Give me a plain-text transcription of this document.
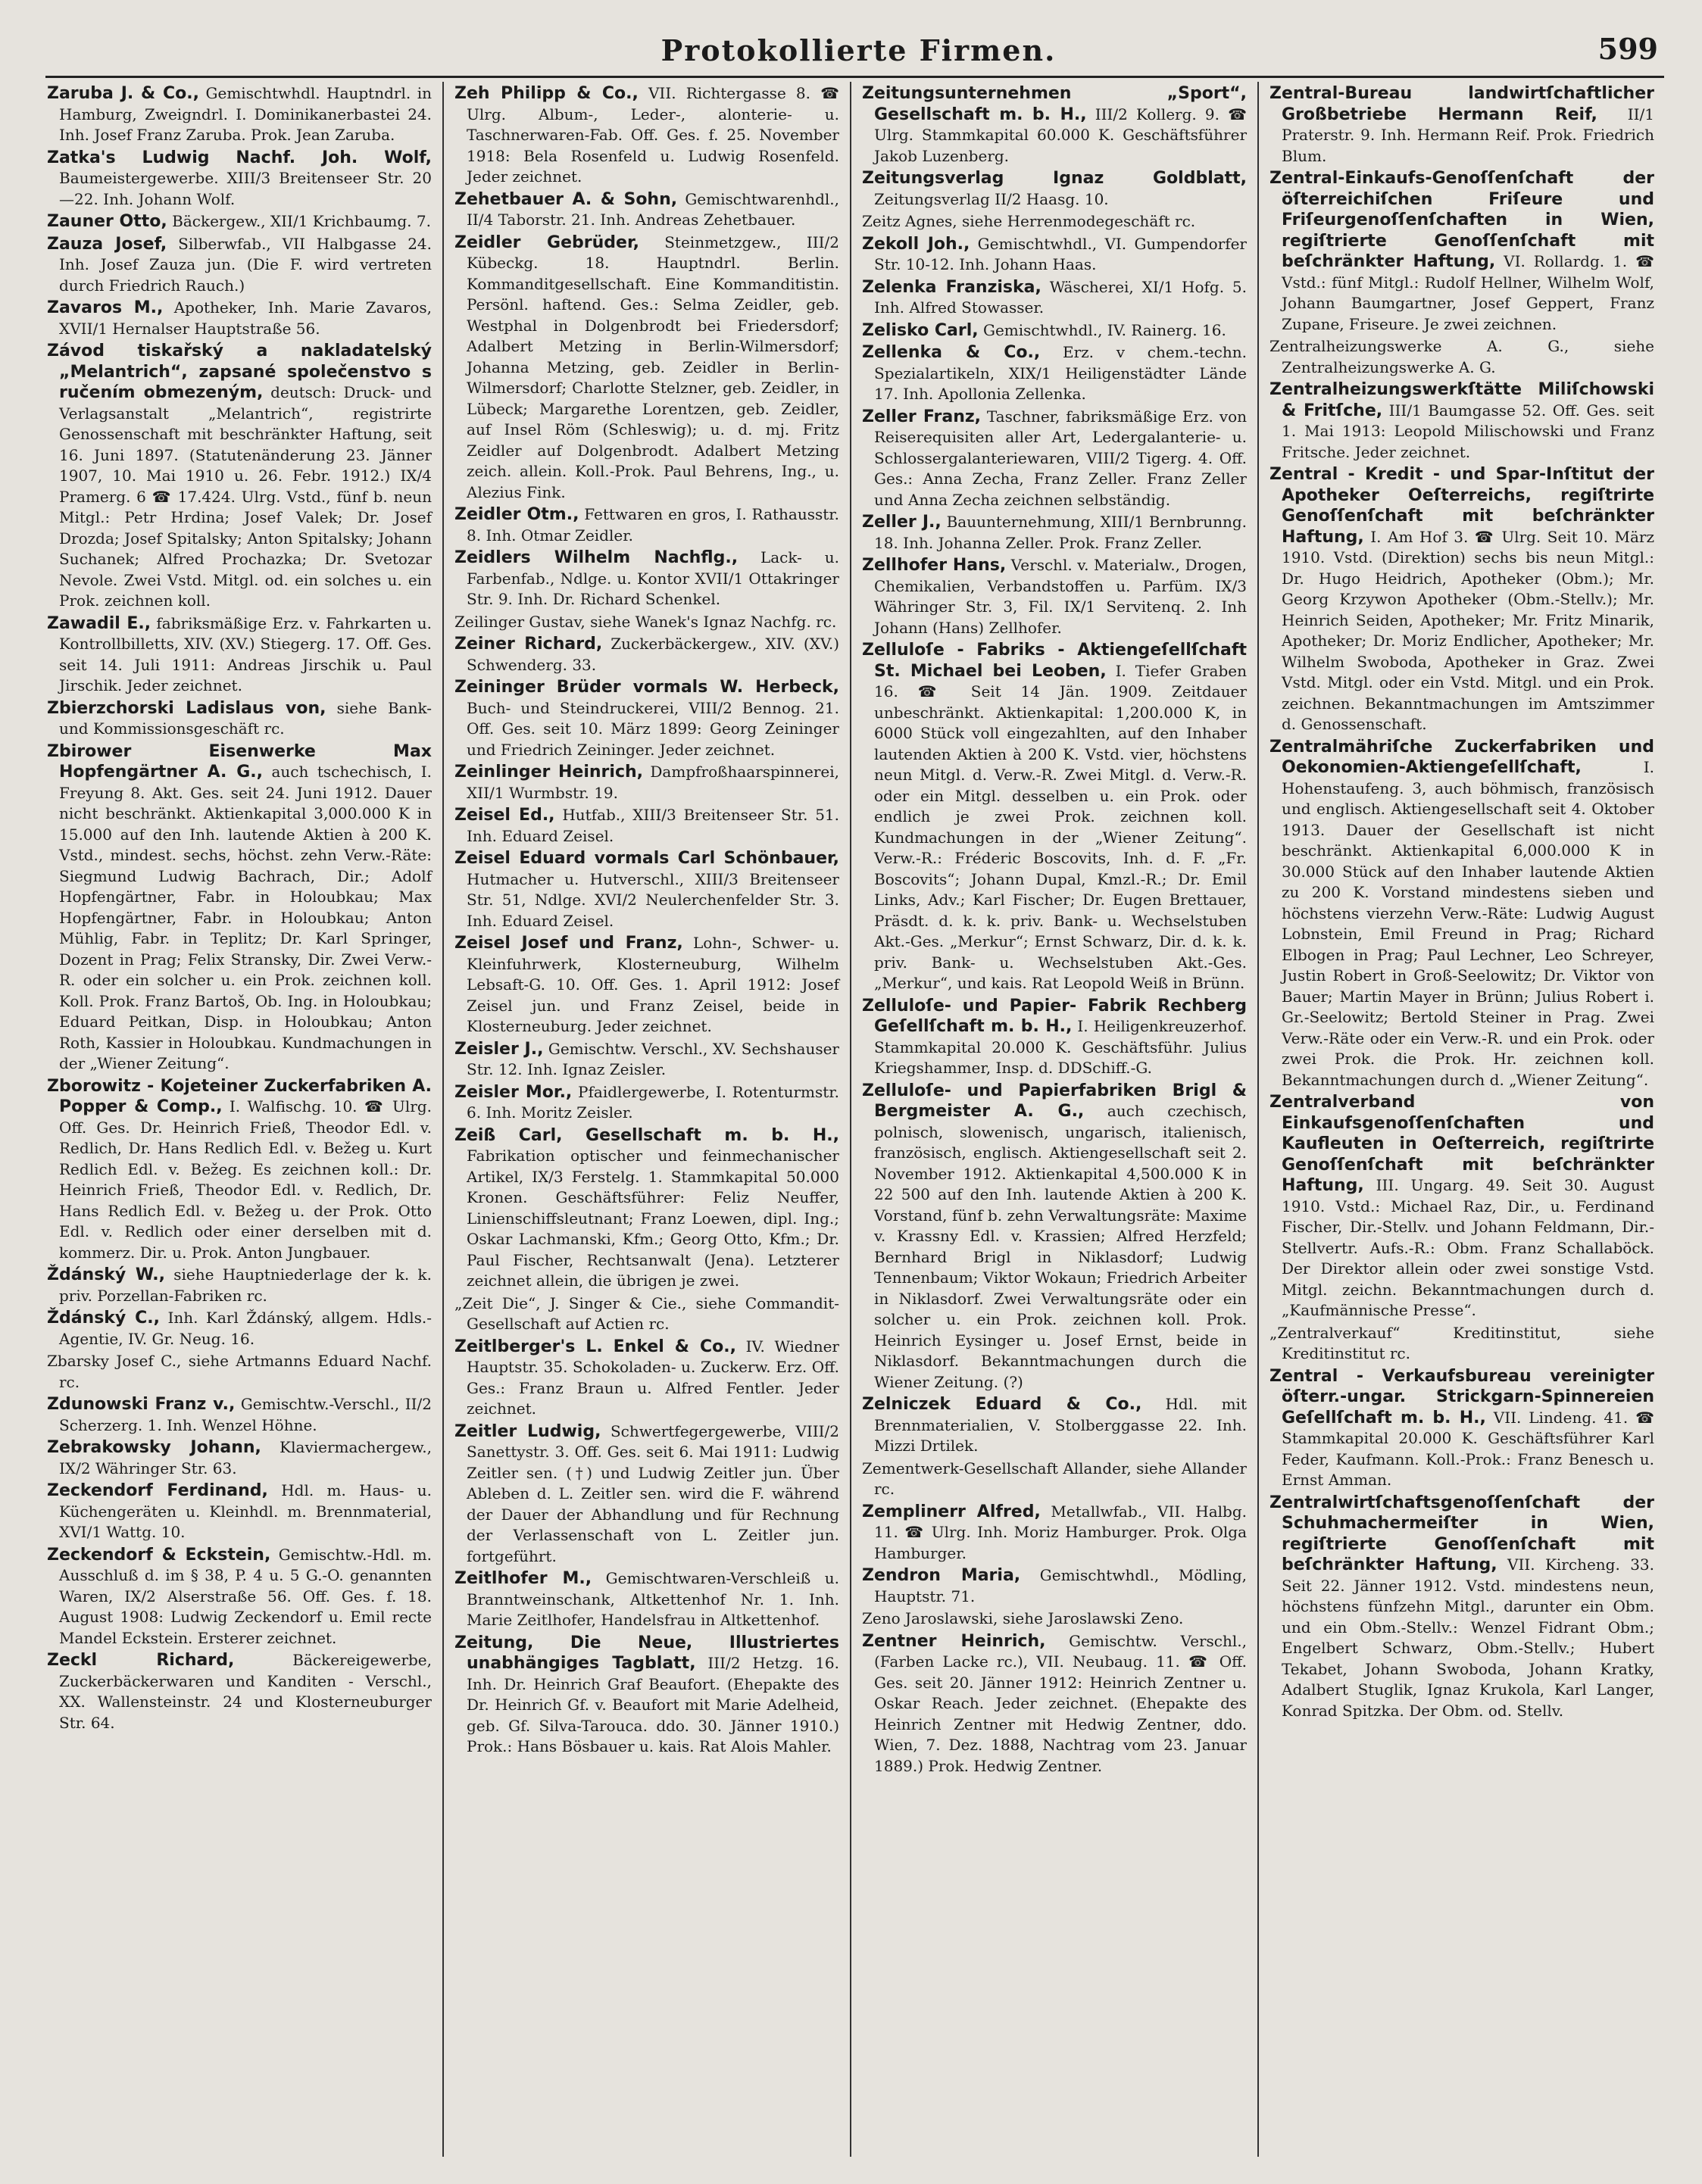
Protokollierte Firmen.	599

Zaruba J. & Co., Gemischtwhdl. Hauptndrl. in Hamburg, Zweigndrl. I. Dominikanerbastei 24. Inh. Josef Franz Zaruba. Prok. Jean Zaruba.

Zatka's Ludwig Nachf. Joh. Wolf, Baumeistergewerbe. XIII/3 Breitenseer Str. 20—22. Inh. Johann Wolf.

Zauner Otto, Bäckergew., XII/1 Krichbaumg. 7.

Zauza Josef, Silberwfab., VII Halbgasse 24. Inh. Josef Zauza jun. (Die F. wird vertreten durch Friedrich Rauch.)

Zavaros M., Apotheker, Inh. Marie Zavaros, XVII/1 Hernalser Hauptstraße 56.

Závod tiskařský a nakladatelský „Melantrich“, zapsané společenstvo s ručením obmezeným, deutsch: Druck- und Verlagsanstalt „Melantrich“, registrirte Genossenschaft mit beschränkter Haftung, seit 16. Juni 1897. (Statutenänderung 23. Jänner 1907, 10. Mai 1910 u. 26. Febr. 1912.) IX/4 Pramerg. 6 ☎ 17.424. Ulrg. Vstd., fünf b. neun Mitgl.: Petr Hrdina; Josef Valek; Dr. Josef Drozda; Josef Spitalsky; Anton Spitalsky; Johann Suchanek; Alfred Prochazka; Dr. Svetozar Nevole. Zwei Vstd. Mitgl. od. ein solches u. ein Prok. zeichnen koll.

Zawadil E., fabriksmäßige Erz. v. Fahrkarten u. Kontrollbilletts, XIV. (XV.) Stiegerg. 17. Off. Ges. seit 14. Juli 1911: Andreas Jirschik u. Paul Jirschik. Jeder zeichnet.

Zbierzchorski Ladislaus von, siehe Bank- und Kommissionsgeschäft rc.

Zbirower Eisenwerke Max Hopfengärtner A. G., auch tschechisch, I. Freyung 8. Akt. Ges. seit 24. Juni 1912. Dauer nicht beschränkt. Aktienkapital 3,000.000 K in 15.000 auf den Inh. lautende Aktien à 200 K. Vstd., mindest. sechs, höchst. zehn Verw.-Räte: Siegmund Ludwig Bachrach, Dir.; Adolf Hopfengärtner, Fabr. in Holoubkau; Max Hopfengärtner, Fabr. in Holoubkau; Anton Mühlig, Fabr. in Teplitz; Dr. Karl Springer, Dozent in Prag; Felix Stransky, Dir. Zwei Verw.-R. oder ein solcher u. ein Prok. zeichnen koll. Koll. Prok. Franz Bartoš, Ob. Ing. in Holoubkau; Eduard Peitkan, Disp. in Holoubkau; Anton Roth, Kassier in Holoubkau. Kundmachungen in der „Wiener Zeitung“.

Zborowitz - Kojeteiner Zuckerfabriken A. Popper & Comp., I. Walfischg. 10. ☎ Ulrg. Off. Ges. Dr. Heinrich Frieß, Theodor Edl. v. Redlich, Dr. Hans Redlich Edl. v. Bežeg u. Kurt Redlich Edl. v. Bežeg. Es zeichnen koll.: Dr. Heinrich Frieß, Theodor Edl. v. Redlich, Dr. Hans Redlich Edl. v. Bežeg u. der Prok. Otto Edl. v. Redlich oder einer derselben mit d. kommerz. Dir. u. Prok. Anton Jungbauer.

Ždánský W., siehe Hauptniederlage der k. k. priv. Porzellan-Fabriken rc.

Ždánský C., Inh. Karl Ždánský, allgem. Hdls.-Agentie, IV. Gr. Neug. 16.

Zbarsky Josef C., siehe Artmanns Eduard Nachf. rc.

Zdunowski Franz v., Gemischtw.-Verschl., II/2 Scherzerg. 1. Inh. Wenzel Höhne.

Zebrakowsky Johann, Klaviermachergew., IX/2 Währinger Str. 63.

Zeckendorf Ferdinand, Hdl. m. Haus- u. Küchengeräten u. Kleinhdl. m. Brennmaterial, XVI/1 Wattg. 10.

Zeckendorf & Eckstein, Gemischtw.-Hdl. m. Ausschluß d. im § 38, P. 4 u. 5 G.-O. genannten Waren, IX/2 Alserstraße 56. Off. Ges. f. 18. August 1908: Ludwig Zeckendorf u. Emil recte Mandel Eckstein. Ersterer zeichnet.

Zeckl Richard, Bäckereigewerbe, Zuckerbäckerwaren und Kanditen - Verschl., XX. Wallensteinstr. 24 und Klosterneuburger Str. 64.

Zeh Philipp & Co., VII. Richtergasse 8. ☎ Ulrg. Album-, Leder-, alonterie- u. Taschnerwaren-Fab. Off. Ges. f. 25. November 1918: Bela Rosenfeld u. Ludwig Rosenfeld. Jeder zeichnet.

Zehetbauer A. & Sohn, Gemischtwarenhdl., II/4 Taborstr. 21. Inh. Andreas Zehetbauer.

Zeidler Gebrüder, Steinmetzgew., III/2 Kübeckg. 18. Hauptndrl. Berlin. Kommanditgesellschaft. Eine Kommanditistin. Persönl. haftend. Ges.: Selma Zeidler, geb. Westphal in Dolgenbrodt bei Friedersdorf; Adalbert Metzing in Berlin-Wilmersdorf; Johanna Metzing, geb. Zeidler in Berlin-Wilmersdorf; Charlotte Stelzner, geb. Zeidler, in Lübeck; Margarethe Lorentzen, geb. Zeidler, auf Insel Röm (Schleswig); u. d. mj. Fritz Zeidler auf Dolgenbrodt. Adalbert Metzing zeich. allein. Koll.-Prok. Paul Behrens, Ing., u. Alezius Fink.

Zeidler Otm., Fettwaren en gros, I. Rathausstr. 8. Inh. Otmar Zeidler.

Zeidlers Wilhelm Nachflg., Lack- u. Farbenfab., Ndlge. u. Kontor XVII/1 Ottakringer Str. 9. Inh. Dr. Richard Schenkel.

Zeilinger Gustav, siehe Wanek's Ignaz Nachfg. rc.

Zeiner Richard, Zuckerbäckergew., XIV. (XV.) Schwenderg. 33.

Zeininger Brüder vormals W. Herbeck, Buch- und Steindruckerei, VIII/2 Bennog. 21. Off. Ges. seit 10. März 1899: Georg Zeininger und Friedrich Zeininger. Jeder zeichnet.

Zeinlinger Heinrich, Dampfroßhaarspinnerei, XII/1 Wurmbstr. 19.

Zeisel Ed., Hutfab., XIII/3 Breitenseer Str. 51. Inh. Eduard Zeisel.

Zeisel Eduard vormals Carl Schönbauer, Hutmacher u. Hutverschl., XIII/3 Breitenseer Str. 51, Ndlge. XVI/2 Neulerchenfelder Str. 3. Inh. Eduard Zeisel.

Zeisel Josef und Franz, Lohn-, Schwer- u. Kleinfuhrwerk, Klosterneuburg, Wilhelm Lebsaft-G. 10. Off. Ges. 1. April 1912: Josef Zeisel jun. und Franz Zeisel, beide in Klosterneuburg. Jeder zeichnet.

Zeisler J., Gemischtw. Verschl., XV. Sechshauser Str. 12. Inh. Ignaz Zeisler.

Zeisler Mor., Pfaidlergewerbe, I. Rotenturmstr. 6. Inh. Moritz Zeisler.

Zeiß Carl, Gesellschaft m. b. H., Fabrikation optischer und feinmechanischer Artikel, IX/3 Ferstelg. 1. Stammkapital 50.000 Kronen. Geschäftsführer: Feliz Neuffer, Linienschiffsleutnant; Franz Loewen, dipl. Ing.; Oskar Lachmanski, Kfm.; Georg Otto, Kfm.; Dr. Paul Fischer, Rechtsanwalt (Jena). Letzterer zeichnet allein, die übrigen je zwei.

„Zeit Die“, J. Singer & Cie., siehe Commandit-Gesellschaft auf Actien rc.

Zeitlberger's L. Enkel & Co., IV. Wiedner Hauptstr. 35. Schokoladen- u. Zuckerw. Erz. Off. Ges.: Franz Braun u. Alfred Fentler. Jeder zeichnet.

Zeitler Ludwig, Schwertfegergewerbe, VIII/2 Sanettystr. 3. Off. Ges. seit 6. Mai 1911: Ludwig Zeitler sen. (†) und Ludwig Zeitler jun. Über Ableben d. L. Zeitler sen. wird die F. während der Dauer der Abhandlung und für Rechnung der Verlassenschaft von L. Zeitler jun. fortgeführt.

Zeitlhofer M., Gemischtwaren-Verschleiß u. Branntweinschank, Altkettenhof Nr. 1. Inh. Marie Zeitlhofer, Handelsfrau in Altkettenhof.

Zeitung, Die Neue, Illustriertes unabhängiges Tagblatt, III/2 Hetzg. 16. Inh. Dr. Heinrich Graf Beaufort. (Ehepakte des Dr. Heinrich Gf. v. Beaufort mit Marie Adelheid, geb. Gf. Silva-Tarouca. ddo. 30. Jänner 1910.) Prok.: Hans Bösbauer u. kais. Rat Alois Mahler.

Zeitungsunternehmen „Sport“, Gesellschaft m. b. H., III/2 Kollerg. 9. ☎ Ulrg. Stammkapital 60.000 K. Geschäftsführer Jakob Luzenberg.

Zeitungsverlag Ignaz Goldblatt, Zeitungsverlag II/2 Haasg. 10.

Zeitz Agnes, siehe Herrenmodegeschäft rc.

Zekoll Joh., Gemischtwhdl., VI. Gumpendorfer Str. 10-12. Inh. Johann Haas.

Zelenka Franziska, Wäscherei, XI/1 Hofg. 5. Inh. Alfred Stowasser.

Zelisko Carl, Gemischtwhdl., IV. Rainerg. 16.

Zellenka & Co., Erz. v chem.-techn. Spezialartikeln, XIX/1 Heiligenstädter Lände 17. Inh. Apollonia Zellenka.

Zeller Franz, Taschner, fabriksmäßige Erz. von Reiserequisiten aller Art, Ledergalanterie- u. Schlossergalanteriewaren, VIII/2 Tigerg. 4. Off. Ges.: Anna Zecha, Franz Zeller. Franz Zeller und Anna Zecha zeichnen selbständig.

Zeller J., Bauunternehmung, XIII/1 Bernbrunng. 18. Inh. Johanna Zeller. Prok. Franz Zeller.

Zellhofer Hans, Verschl. v. Materialw., Drogen, Chemikalien, Verbandstoffen u. Parfüm. IX/3 Währinger Str. 3, Fil. IX/1 Servitenq. 2. Inh Johann (Hans) Zellhofer.

Zelluloſe - Fabriks - Aktiengeſellſchaft St. Michael bei Leoben, I. Tiefer Graben 16. ☎ Seit 14 Jän. 1909. Zeitdauer unbeschränkt. Aktienkapital: 1,200.000 K, in 6000 Stück voll eingezahlten, auf den Inhaber lautenden Aktien à 200 K. Vstd. vier, höchstens neun Mitgl. d. Verw.-R. Zwei Mitgl. d. Verw.-R. oder ein Mitgl. desselben u. ein Prok. oder endlich je zwei Prok. zeichnen koll. Kundmachungen in der „Wiener Zeitung“. Verw.-R.: Fréderic Boscovits, Inh. d. F. „Fr. Boscovits“; Johann Dupal, Kmzl.-R.; Dr. Emil Links, Adv.; Karl Fischer; Dr. Eugen Brettauer, Präsdt. d. k. k. priv. Bank- u. Wechselstuben Akt.-Ges. „Merkur“; Ernst Schwarz, Dir. d. k. k. priv. Bank- u. Wechselstuben Akt.-Ges. „Merkur“, und kais. Rat Leopold Weiß in Brünn.

Zelluloſe- und Papier- Fabrik Rechberg Geſellſchaft m. b. H., I. Heiligenkreuzerhof. Stammkapital 20.000 K. Geschäftsführ. Julius Kriegshammer, Insp. d. DDSchiff.-G.

Zelluloſe- und Papierfabriken Brigl & Bergmeister A. G., auch czechisch, polnisch, slowenisch, ungarisch, italienisch, französisch, englisch. Aktiengesellschaft seit 2. November 1912. Aktienkapital 4,500.000 K in 22 500 auf den Inh. lautende Aktien à 200 K. Vorstand, fünf b. zehn Verwaltungsräte: Maxime v. Krassny Edl. v. Krassien; Alfred Herzfeld; Bernhard Brigl in Niklasdorf; Ludwig Tennenbaum; Viktor Wokaun; Friedrich Arbeiter in Niklasdorf. Zwei Verwaltungsräte oder ein solcher u. ein Prok. zeichnen koll. Prok. Heinrich Eysinger u. Josef Ernst, beide in Niklasdorf. Bekanntmachungen durch die Wiener Zeitung. (?)

Zelniczek Eduard & Co., Hdl. mit Brennmaterialien, V. Stolberggasse 22. Inh. Mizzi Drtilek.

Zementwerk-Gesellschaft Allander, siehe Allander rc.

Zemplinerr Alfred, Metallwfab., VII. Halbg. 11. ☎ Ulrg. Inh. Moriz Hamburger. Prok. Olga Hamburger.

Zendron Maria, Gemischtwhdl., Mödling, Hauptstr. 71.

Zeno Jaroslawski, siehe Jaroslawski Zeno.

Zentner Heinrich, Gemischtw. Verschl., (Farben Lacke rc.), VII. Neubaug. 11. ☎ Off. Ges. seit 20. Jänner 1912: Heinrich Zentner u. Oskar Reach. Jeder zeichnet. (Ehepakte des Heinrich Zentner mit Hedwig Zentner, ddo. Wien, 7. Dez. 1888, Nachtrag vom 23. Januar 1889.) Prok. Hedwig Zentner.

Zentral-Bureau landwirtſchaftlicher Großbetriebe Hermann Reif, II/1 Praterstr. 9. Inh. Hermann Reif. Prok. Friedrich Blum.

Zentral-Einkaufs-Genoſſenſchaft der öſterreichiſchen Friſeure und Friſeurgenoſſenſchaften in Wien, regiſtrierte Genoſſenſchaft mit beſchränkter Haftung, VI. Rollardg. 1. ☎ Vstd.: fünf Mitgl.: Rudolf Hellner, Wilhelm Wolf, Johann Baumgartner, Josef Geppert, Franz Zupane, Friseure. Je zwei zeichnen.

Zentralheizungswerke A. G., siehe Zentralheizungswerke A. G.

Zentralheizungswerkſtätte Miliſchowski & Fritſche, III/1 Baumgasse 52. Off. Ges. seit 1. Mai 1913: Leopold Milischowski und Franz Fritsche. Jeder zeichnet.

Zentral - Kredit - und Spar-Inſtitut der Apotheker Oeſterreichs, regiſtrirte Genoſſenſchaft mit beſchränkter Haftung, I. Am Hof 3. ☎ Ulrg. Seit 10. März 1910. Vstd. (Direktion) sechs bis neun Mitgl.: Dr. Hugo Heidrich, Apotheker (Obm.); Mr. Georg Krzywon Apotheker (Obm.-Stellv.); Mr. Heinrich Seiden, Apotheker; Mr. Fritz Minarik, Apotheker; Dr. Moriz Endlicher, Apotheker; Mr. Wilhelm Swoboda, Apotheker in Graz. Zwei Vstd. Mitgl. oder ein Vstd. Mitgl. und ein Prok. zeichnen. Bekanntmachungen im Amtszimmer d. Genossenschaft.

Zentralmähriſche Zuckerfabriken und Oekonomien-Aktiengeſellſchaft, I. Hohenstaufeng. 3, auch böhmisch, französisch und englisch. Aktiengesellschaft seit 4. Oktober 1913. Dauer der Gesellschaft ist nicht beschränkt. Aktienkapital 6,000.000 K in 30.000 Stück auf den Inhaber lautende Aktien zu 200 K. Vorstand mindestens sieben und höchstens vierzehn Verw.-Räte: Ludwig August Lobnstein, Emil Freund in Prag; Richard Elbogen in Prag; Paul Lechner, Leo Schreyer, Justin Robert in Groß-Seelowitz; Dr. Viktor von Bauer; Martin Mayer in Brünn; Julius Robert i. Gr.-Seelowitz; Bertold Steiner in Prag. Zwei Verw.-Räte oder ein Verw.-R. und ein Prok. oder zwei Prok. die Prok. Hr. zeichnen koll. Bekanntmachungen durch d. „Wiener Zeitung“.

Zentralverband von Einkaufsgenoſſenſchaften und Kaufleuten in Oeſterreich, regiſtrirte Genoſſenſchaft mit beſchränkter Haftung, III. Ungarg. 49. Seit 30. August 1910. Vstd.: Michael Raz, Dir., u. Ferdinand Fischer, Dir.-Stellv. und Johann Feldmann, Dir.-Stellvertr. Aufs.-R.: Obm. Franz Schallaböck. Der Direktor allein oder zwei sonstige Vstd. Mitgl. zeichn. Bekanntmachungen durch d. „Kaufmännische Presse“.

„Zentralverkauf“ Kreditinstitut, siehe Kreditinstitut rc.

Zentral - Verkaufsbureau vereinigter öſterr.-ungar. Strickgarn-Spinnereien Geſellſchaft m. b. H., VII. Lindeng. 41. ☎ Stammkapital 20.000 K. Geschäftsführer Karl Feder, Kaufmann. Koll.-Prok.: Franz Benesch u. Ernst Amman.

Zentralwirtſchaftsgenoſſenſchaft der Schuhmachermeiſter in Wien, regiſtrierte Genoſſenſchaft mit beſchränkter Haftung, VII. Kircheng. 33. Seit 22. Jänner 1912. Vstd. mindestens neun, höchstens fünfzehn Mitgl., darunter ein Obm. und ein Obm.-Stellv.: Wenzel Fidrant Obm.; Engelbert Schwarz, Obm.-Stellv.; Hubert Tekabet, Johann Swoboda, Johann Kratky, Adalbert Stuglik, Ignaz Krukola, Karl Langer, Konrad Spitzka. Der Obm. od. Stellv.
